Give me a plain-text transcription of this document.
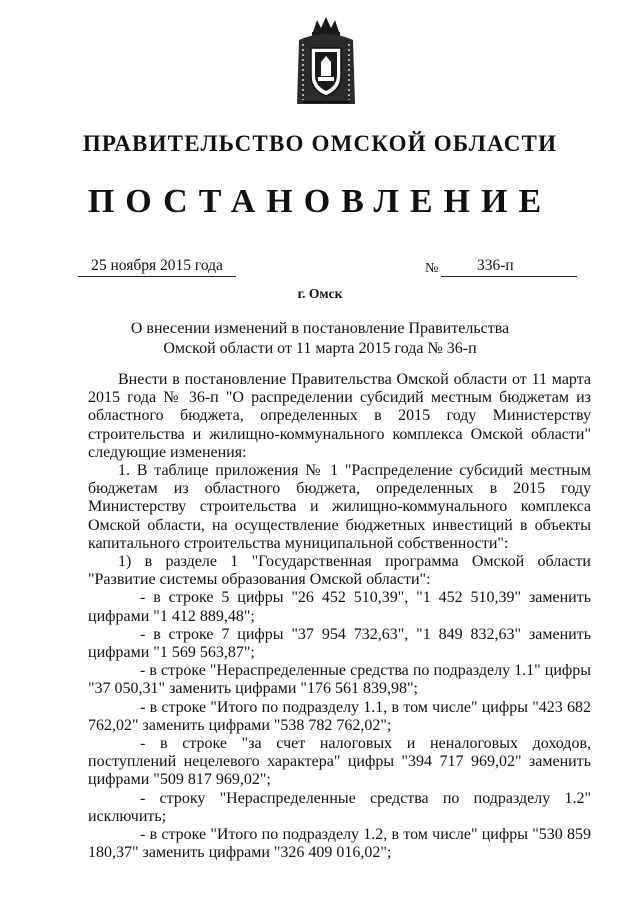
ПРАВИТЕЛЬСТВО ОМСКОЙ ОБЛАСТИ
ПОСТАНОВЛЕНИЕ
25 ноября 2015 года	№	336-п
г. Омск
О внесении изменений в постановление Правительства
Омской области от 11 марта 2015 года № 36-п

Внести в постановление Правительства Омской области от 11 марта 2015 года № 36-п "О распределении субсидий местным бюджетам из областного бюджета, определенных в 2015 году Министерству строительства и жилищно-коммунального комплекса Омской области" следующие изменения:

1. В таблице приложения № 1 "Распределение субсидий местным бюджетам из областного бюджета, определенных в 2015 году Министерству строительства и жилищно-коммунального комплекса Омской области, на осуществление бюджетных инвестиций в объекты капитального строительства муниципальной собственности":

1) в разделе 1 "Государственная программа Омской области "Развитие системы образования Омской области":

- в строке 5 цифры "26 452 510,39", "1 452 510,39" заменить цифрами "1 412 889,48";

- в строке 7 цифры "37 954 732,63", "1 849 832,63" заменить цифрами "1 569 563,87";

- в строке "Нераспределенные средства по подразделу 1.1" цифры "37 050,31" заменить цифрами "176 561 839,98";

- в строке "Итого по подразделу 1.1, в том числе" цифры "423 682 762,02" заменить цифрами "538 782 762,02";

- в строке "за счет налоговых и неналоговых доходов, поступлений нецелевого характера" цифры "394 717 969,02" заменить цифрами "509 817 969,02";

- строку "Нераспределенные средства по подразделу 1.2" исключить;

- в строке "Итого по подразделу 1.2, в том числе" цифры "530 859 180,37" заменить цифрами "326 409 016,02";
